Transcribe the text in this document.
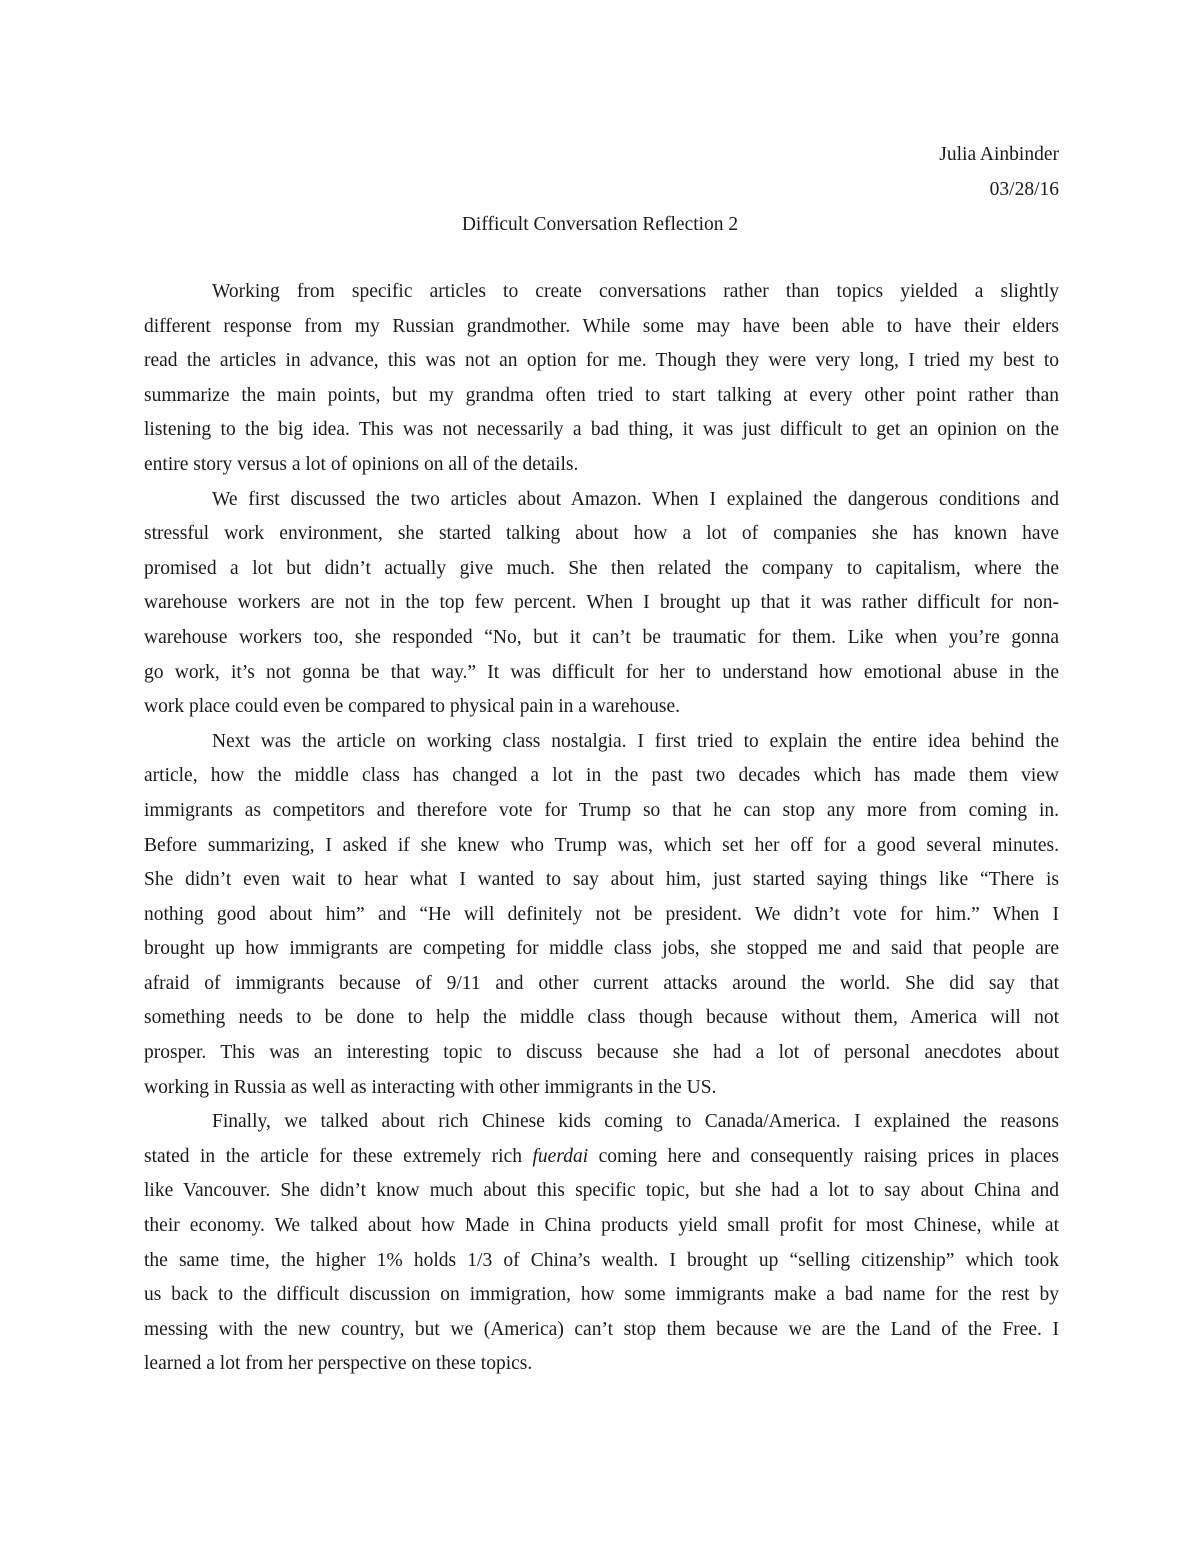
Julia Ainbinder
03/28/16
Difficult Conversation Reflection 2

Working from specific articles to create conversations rather than topics yielded a slightly
different response from my Russian grandmother. While some may have been able to have their elders
read the articles in advance, this was not an option for me. Though they were very long, I tried my best to
summarize the main points, but my grandma often tried to start talking at every other point rather than
listening to the big idea. This was not necessarily a bad thing, it was just difficult to get an opinion on the
entire story versus a lot of opinions on all of the details.

We first discussed the two articles about Amazon. When I explained the dangerous conditions and
stressful work environment, she started talking about how a lot of companies she has known have
promised a lot but didn’t actually give much. She then related the company to capitalism, where the
warehouse workers are not in the top few percent. When I brought up that it was rather difficult for non-
warehouse workers too, she responded “No, but it can’t be traumatic for them. Like when you’re gonna
go work, it’s not gonna be that way.” It was difficult for her to understand how emotional abuse in the
work place could even be compared to physical pain in a warehouse.

Next was the article on working class nostalgia. I first tried to explain the entire idea behind the
article, how the middle class has changed a lot in the past two decades which has made them view
immigrants as competitors and therefore vote for Trump so that he can stop any more from coming in.
Before summarizing, I asked if she knew who Trump was, which set her off for a good several minutes.
She didn’t even wait to hear what I wanted to say about him, just started saying things like “There is
nothing good about him” and “He will definitely not be president. We didn’t vote for him.” When I
brought up how immigrants are competing for middle class jobs, she stopped me and said that people are
afraid of immigrants because of 9/11 and other current attacks around the world. She did say that
something needs to be done to help the middle class though because without them, America will not
prosper. This was an interesting topic to discuss because she had a lot of personal anecdotes about
working in Russia as well as interacting with other immigrants in the US.

Finally, we talked about rich Chinese kids coming to Canada/America. I explained the reasons
stated in the article for these extremely rich fuerdai coming here and consequently raising prices in places
like Vancouver. She didn’t know much about this specific topic, but she had a lot to say about China and
their economy. We talked about how Made in China products yield small profit for most Chinese, while at
the same time, the higher 1% holds 1/3 of China’s wealth. I brought up “selling citizenship” which took
us back to the difficult discussion on immigration, how some immigrants make a bad name for the rest by
messing with the new country, but we (America) can’t stop them because we are the Land of the Free. I
learned a lot from her perspective on these topics.
